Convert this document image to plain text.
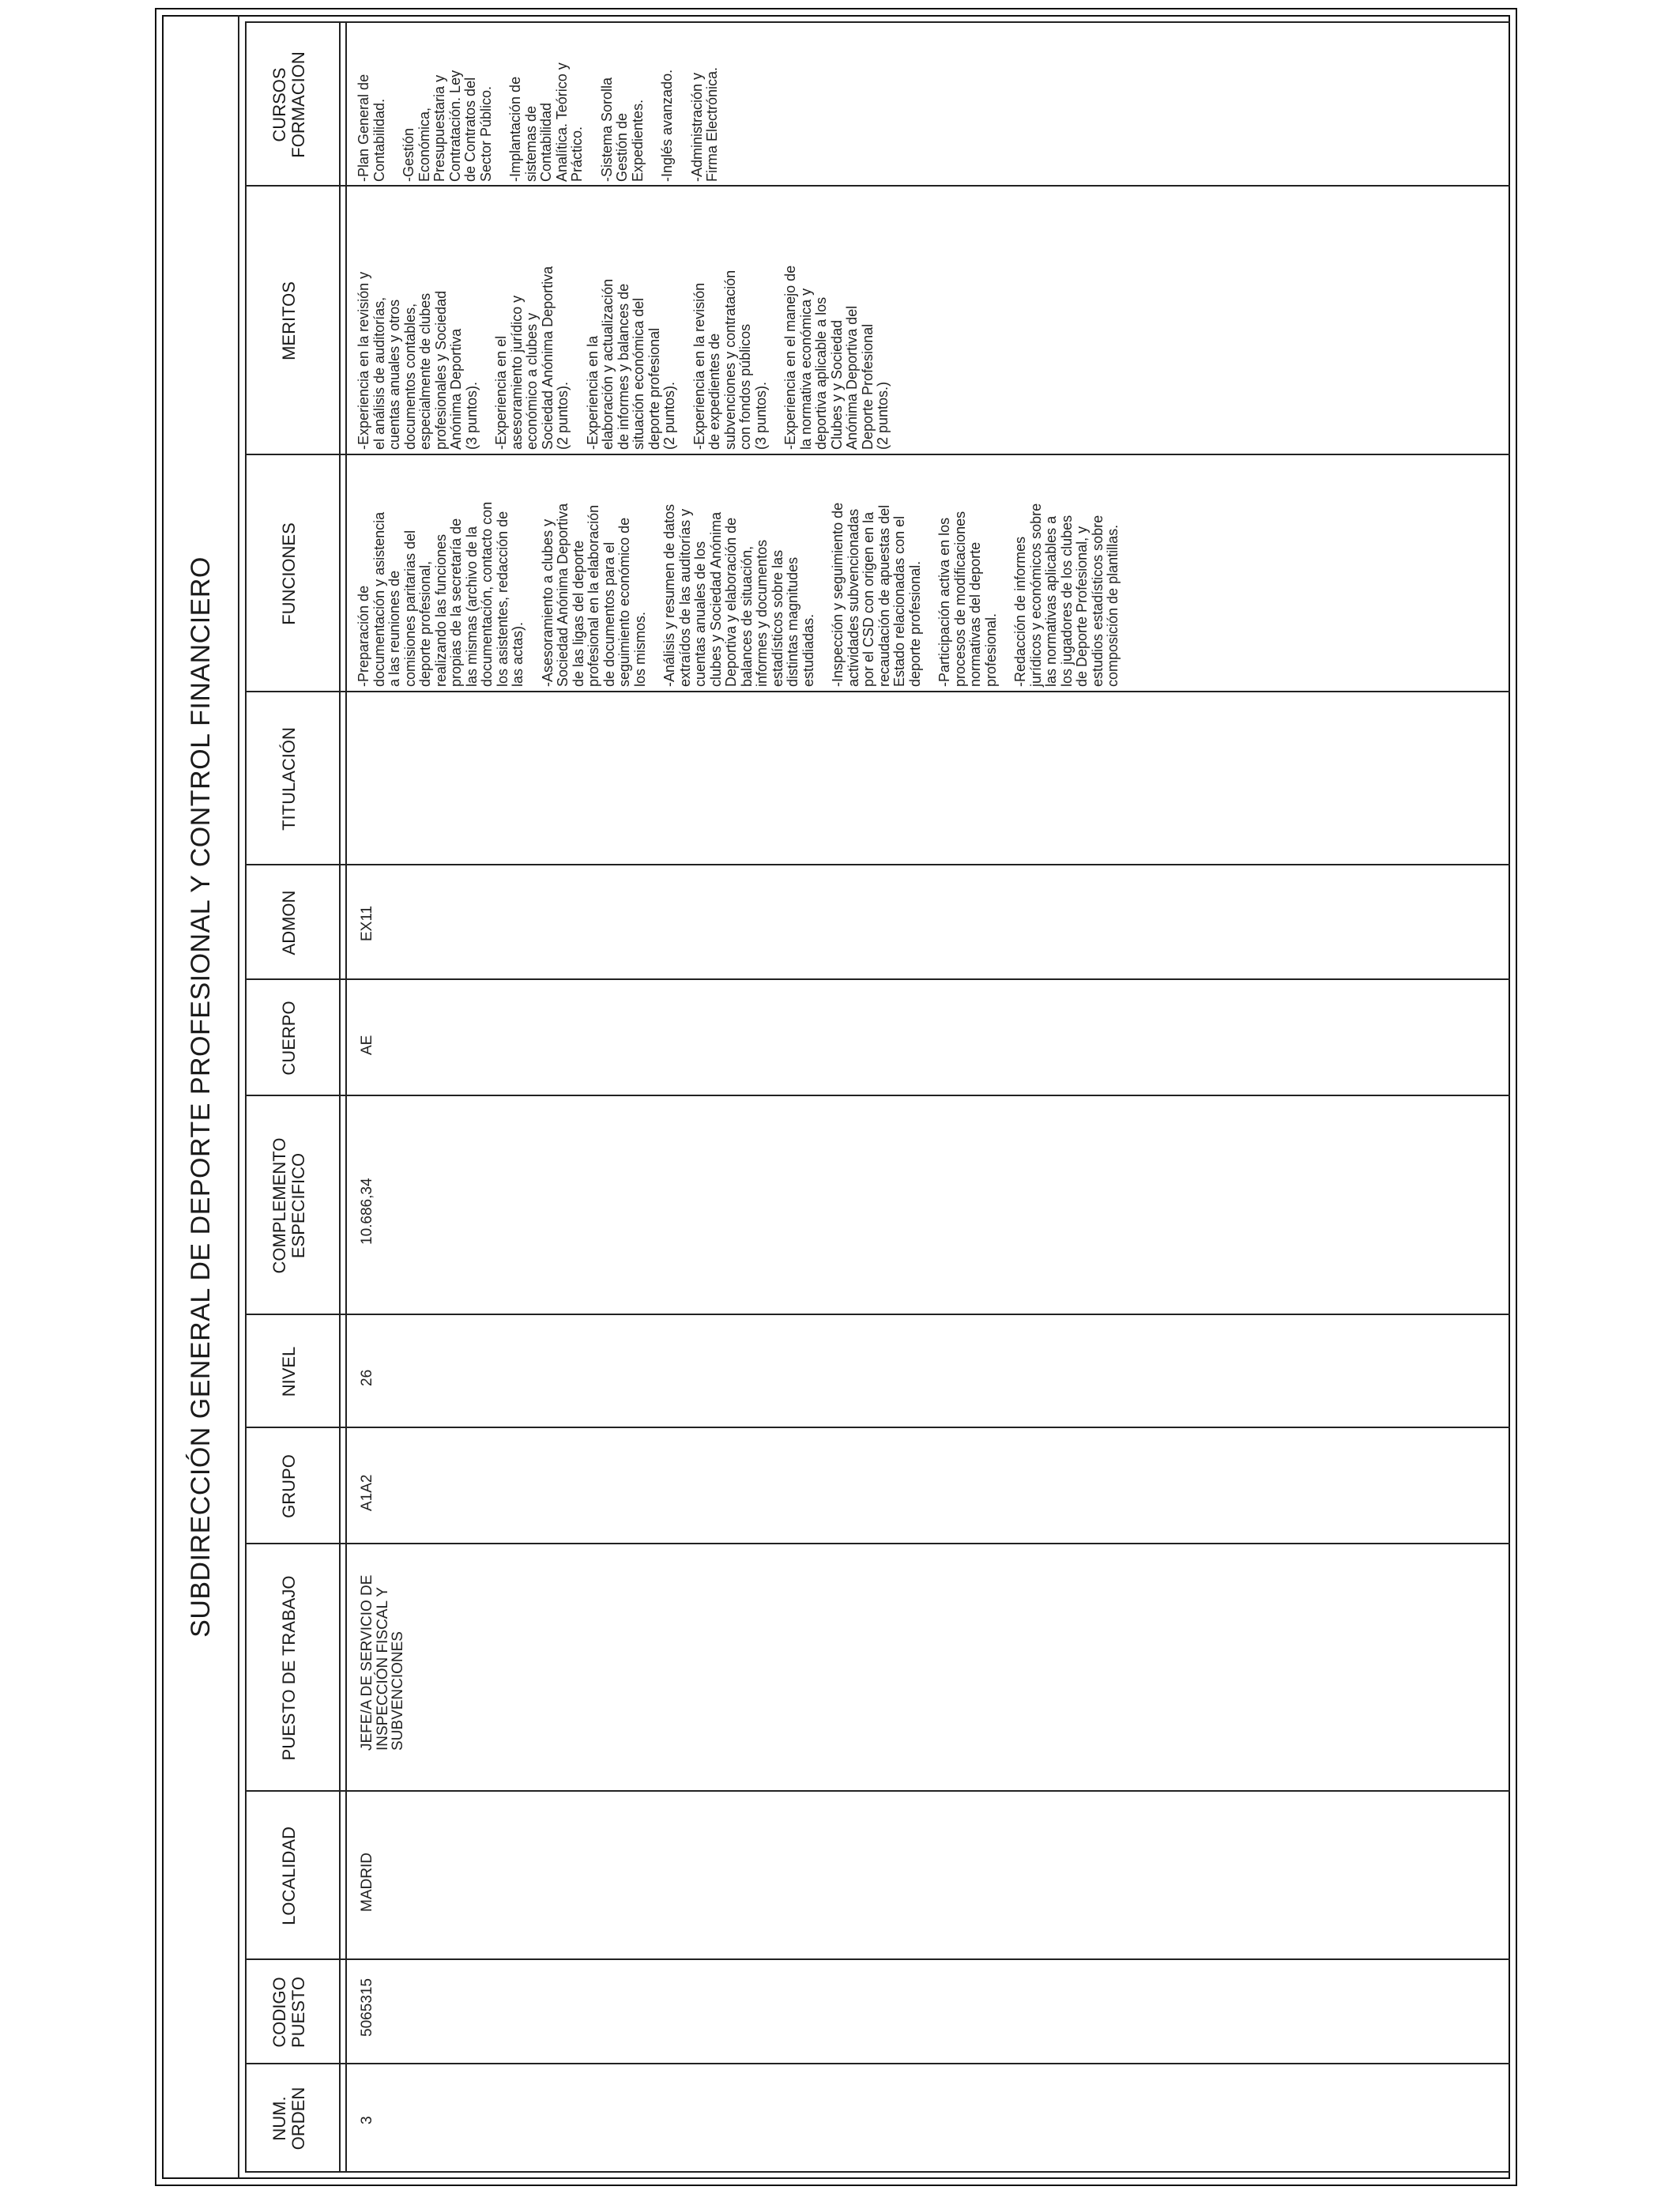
SUBDIRECCIÓN GENERAL DE DEPORTE PROFESIONAL Y CONTROL FINANCIERO
NUM.
ORDEN
CODIGO
PUESTO
LOCALIDAD
PUESTO DE TRABAJO
GRUPO
NIVEL
COMPLEMENTO
ESPECIFICO
CUERPO
ADMON
TITULACIÓN
FUNCIONES
MERITOS
CURSOS
FORMACION
3
5065315
MADRID
JEFE/A DE SERVICIO DE
INSPECCIÓN FISCAL Y
SUBVENCIONES
A1A2
26
10.686,34
AE
EX11

-Preparación de
documentación y asistencia
a las reuniones de
comisiones paritarias del
deporte profesional,
realizando las funciones
propias de la secretaría de
las mismas (archivo de la
documentación, contacto con
los asistentes, redacción de
las actas). -Asesoramiento a clubes y
Sociedad Anónima Deportiva
de las ligas del deporte
profesional en la elaboración
de documentos para el
seguimiento económico de
los mismos. -Análisis y resumen de datos
extraídos de las auditorías y
cuentas anuales de los
clubes y Sociedad Anónima
Deportiva y elaboración de
balances de situación,
informes y documentos
estadísticos sobre las
distintas magnitudes
estudiadas. -Inspección y seguimiento de
actividades subvencionadas
por el CSD con origen en la
recaudación de apuestas del
Estado relacionadas con el
deporte profesional.

-Participación activa en los
procesos de modificaciones
normativas del deporte
profesional. -Redacción de informes
jurídicos y económicos sobre
las normativas aplicables a
los jugadores de los clubes
de Deporte Profesional, y
estudios estadísticos sobre
composición de plantillas.

-Experiencia en la revisión y
el análisis de auditorías,
cuentas anuales y otros
documentos contables,
especialmente de clubes
profesionales y Sociedad
Anónima Deportiva
(3 puntos). -Experiencia en el
asesoramiento jurídico y
económico a clubes y
Sociedad Anónima Deportiva
(2 puntos). -Experiencia en la
elaboración y actualización
de informes y balances de
situación económica del
deporte profesional
(2 puntos). -Experiencia en la revisión
de expedientes de
subvenciones y contratación
con fondos públicos
(3 puntos). -Experiencia en el manejo de
la normativa económica y
deportiva aplicable a los
Clubes y y Sociedad
Anónima Deportiva del
Deporte Profesional
(2 puntos.)

-Plan General de
Contabilidad. -Gestión
Económica,
Presupuestaria y
Contratación. Ley
de Contratos del
Sector Público. -Implantación de
sistemas de
Contabilidad
Analítica. Teórico y
Práctico. -Sistema Sorolla
Gestión de
Expedientes. -Inglés avanzado. -Administración y
Firma Electrónica.
